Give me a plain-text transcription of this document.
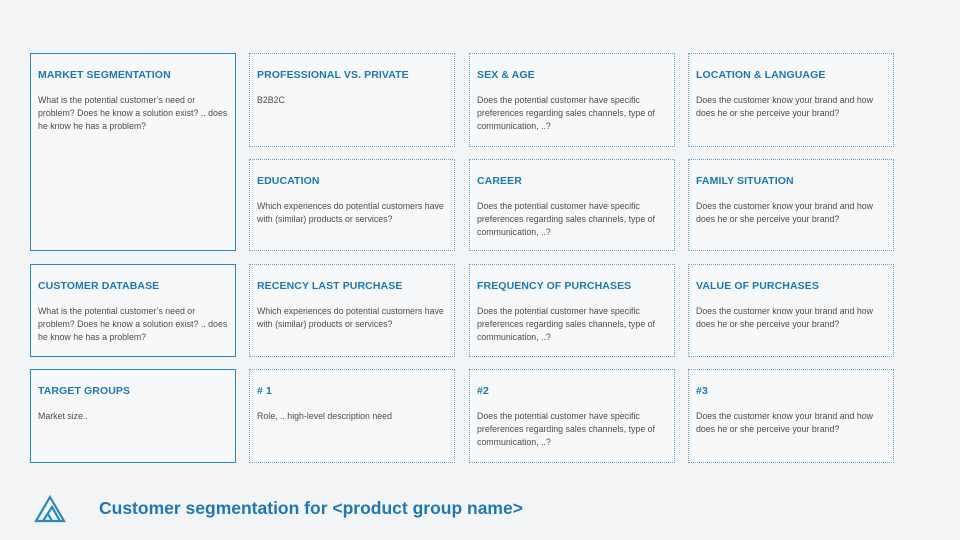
MARKET SEGMENTATION

What is the potential customer’s need or problem? Does he know a solution exist? .. does he know he has a problem?

PROFESSIONAL VS. PRIVATE

B2B2C

SEX & AGE

Does the potential customer have specific preferences regarding sales channels, type of communication, ..?

LOCATION & LANGUAGE

Does the customer know your brand and how does he or she perceive your brand?

EDUCATION

Which experiences do potential customers have with (similar) products or services?

CAREER

Does the potential customer have specific preferences regarding sales channels, type of communication, ..?

FAMILY SITUATION

Does the customer know your brand and how does he or she perceive your brand?

CUSTOMER DATABASE

What is the potential customer’s need or problem? Does he know a solution exist? .. does he know he has a problem?

RECENCY LAST PURCHASE

Which experiences do potential customers have with (similar) products or services?

FREQUENCY OF PURCHASES

Does the potential customer have specific preferences regarding sales channels, type of communication, ..?

VALUE OF PURCHASES

Does the customer know your brand and how does he or she perceive your brand?

TARGET GROUPS

Market size..

# 1

Role, .. high-level description need

#2

Does the potential customer have specific preferences regarding sales channels, type of communication, ..?

#3

Does the customer know your brand and how does he or she perceive your brand?

Customer segmentation for <product group name>
